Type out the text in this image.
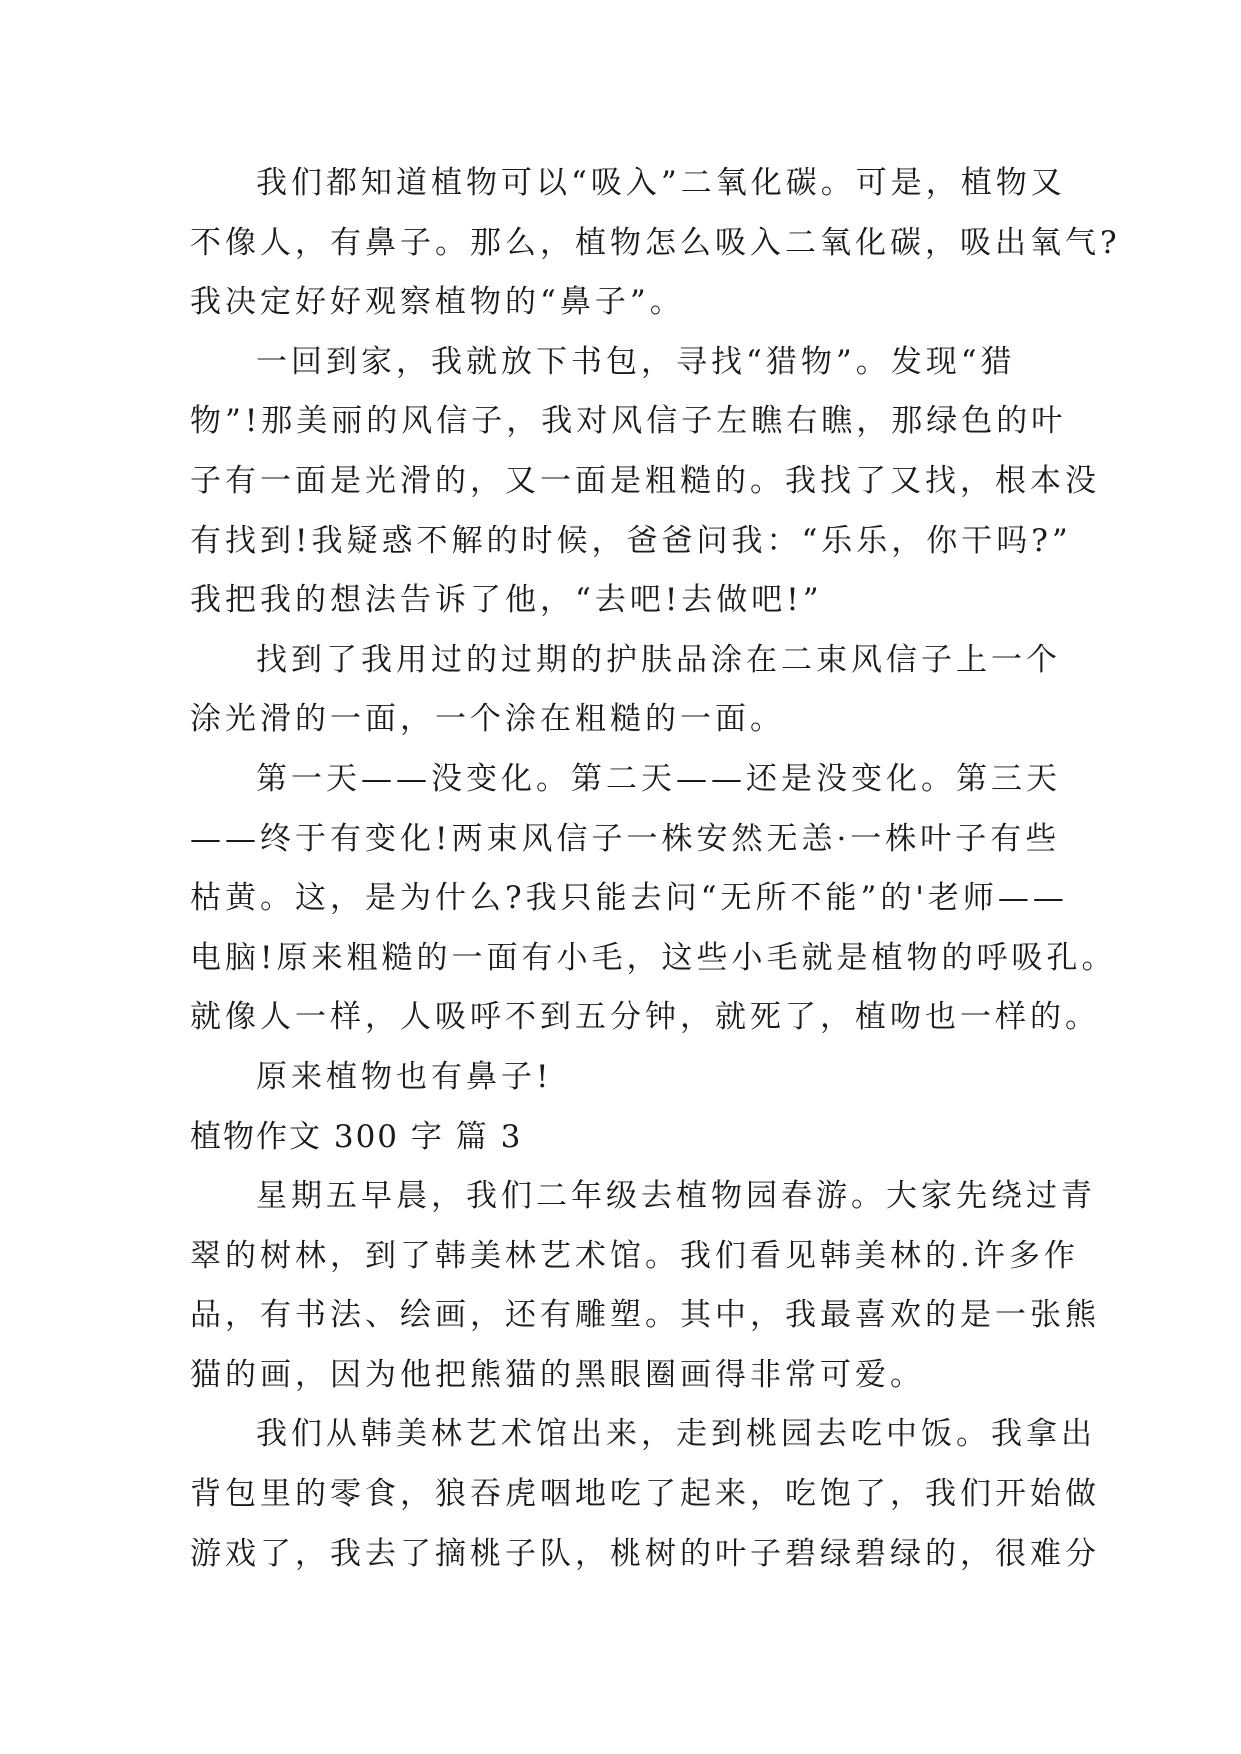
我们都知道植物可以“吸入”二氧化碳。可是，植物又
不像人，有鼻子。那么，植物怎么吸入二氧化碳，吸出氧气?
我决定好好观察植物的“鼻子”。
一回到家，我就放下书包，寻找“猎物”。发现“猎
物”!那美丽的风信子，我对风信子左瞧右瞧，那绿色的叶
子有一面是光滑的，又一面是粗糙的。我找了又找，根本没
有找到!我疑惑不解的时候，爸爸问我：“乐乐，你干吗?”
我把我的想法告诉了他，“去吧!去做吧!”
找到了我用过的过期的护肤品涂在二束风信子上一个
涂光滑的一面，一个涂在粗糙的一面。
第一天——没变化。第二天——还是没变化。第三天
——终于有变化!两束风信子一株安然无恙·一株叶子有些
枯黄。这，是为什么?我只能去问“无所不能”的'老师——
电脑!原来粗糙的一面有小毛，这些小毛就是植物的呼吸孔。
就像人一样，人吸呼不到五分钟，就死了，植吻也一样的。
原来植物也有鼻子!
植物作文 300 字 篇 3
星期五早晨，我们二年级去植物园春游。大家先绕过青
翠的树林，到了韩美林艺术馆。我们看见韩美林的.许多作
品，有书法、绘画，还有雕塑。其中，我最喜欢的是一张熊
猫的画，因为他把熊猫的黑眼圈画得非常可爱。
我们从韩美林艺术馆出来，走到桃园去吃中饭。我拿出
背包里的零食，狼吞虎咽地吃了起来，吃饱了，我们开始做
游戏了，我去了摘桃子队，桃树的叶子碧绿碧绿的，很难分
